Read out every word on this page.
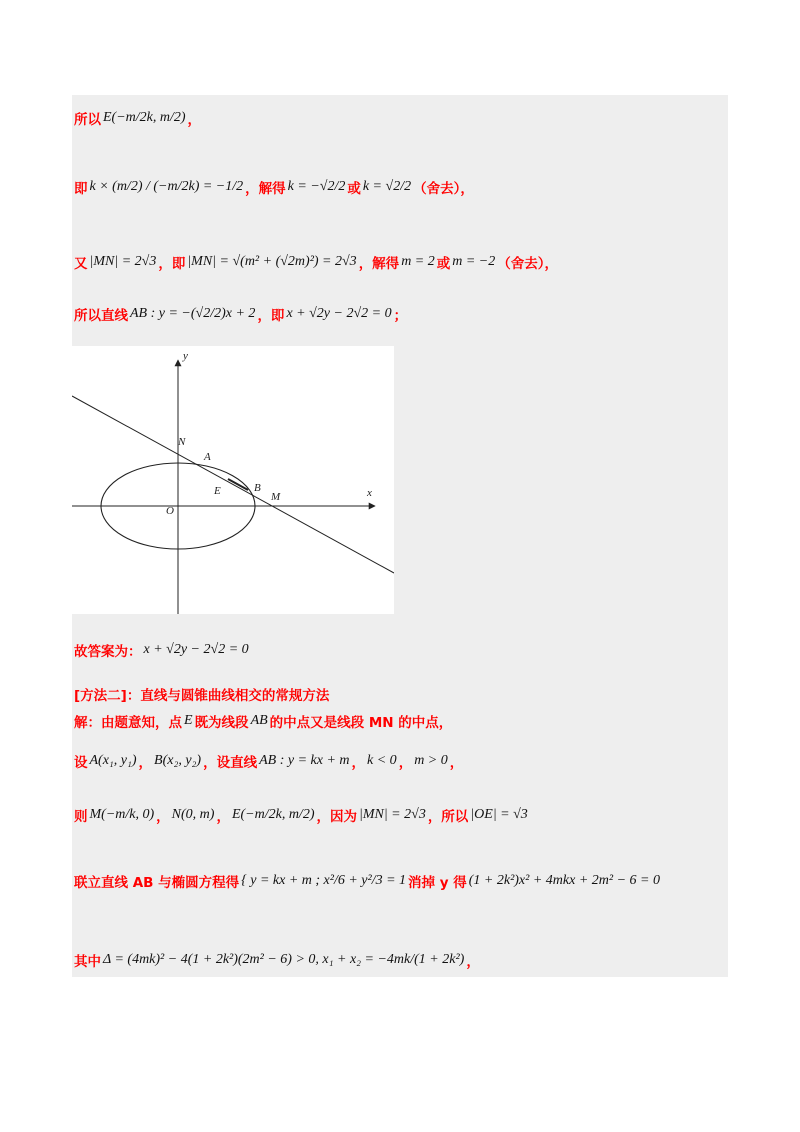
所以 E(−m/2k, m/2) ，
即 k × (m/2) / (−m/2k) = −1/2 ，解得 k = −√2/2 或 k = √2/2 （舍去），
又 |MN| = 2√3 ，即 |MN| = √(m² + (√2m)²) = 2√3 ，解得 m = 2 或 m = −2 （舍去），
所以直线 AB : y = −(√2/2)x + 2 ，即 x + √2y − 2√2 = 0 ；
故答案为： x + √2y − 2√2 = 0
[方法二]：直线与圆锥曲线相交的常规方法
解：由题意知，点 E 既为线段 AB 的中点又是线段 MN 的中点，
设 A(x₁, y₁) ， B(x₂, y₂) ，设直线 AB : y = kx + m ， k < 0 ， m > 0 ，
则 M(−m/k, 0) ， N(0, m) ， E(−m/2k, m/2) ，因为 |MN| = 2√3 ，所以 |OE| = √3
联立直线 AB 与椭圆方程得 { y = kx + m ; x²/6 + y²/3 = 1 消掉 y 得 (1 + 2k²)x² + 4mkx + 2m² − 6 = 0
其中 Δ = (4mk)² − 4(1 + 2k²)(2m² − 6) > 0, x₁ + x₂ = −4mk/(1 + 2k²) ，
y
x
N
A
E	B
M
O
